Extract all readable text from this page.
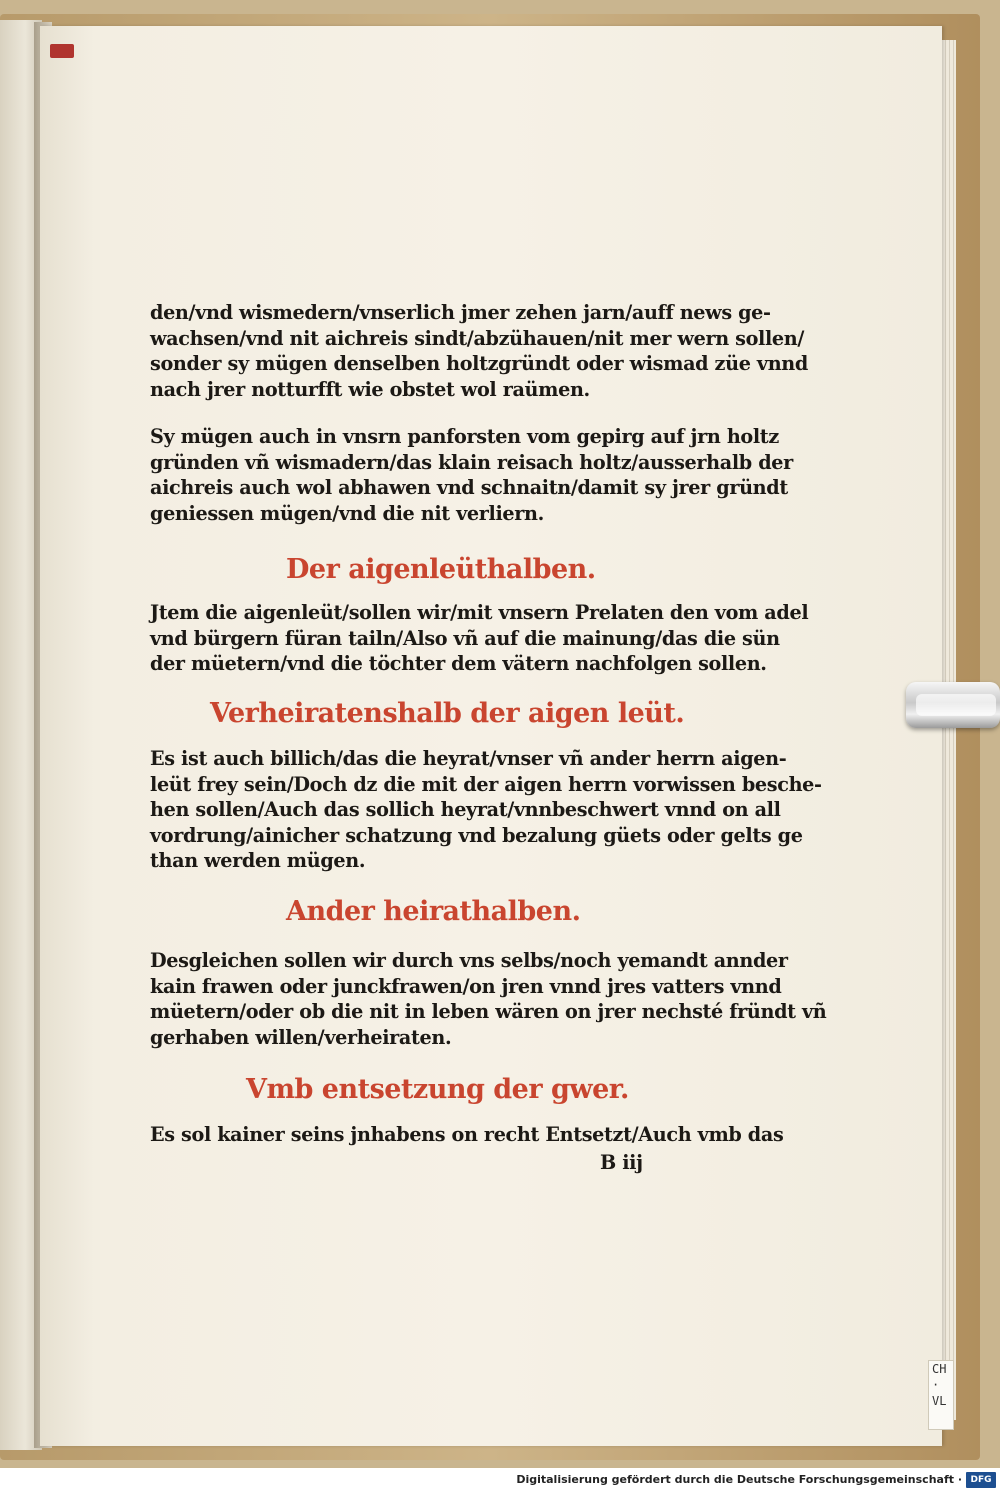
CH
·
VL

den/vnd wismedern/vnserlich jmer zehen jarn/auff news ge-

wachsen/vnd nit aichreis sindt/abzühauen/nit mer wern sollen/

sonder sy mügen denselben holtzgründt oder wismad züe vnnd

nach jrer notturfft wie obstet wol raümen.

Sy mügen auch in vnsrn panforsten vom gepirg auf jrn holtz

gründen vñ wismadern/das klain reisach holtz/ausserhalb der

aichreis auch wol abhawen vnd schnaitn/damit sy jrer gründt

geniessen mügen/vnd die nit verliern.

Der aigenleüthalben.

Jtem die aigenleüt/sollen wir/mit vnsern Prelaten den vom adel

vnd bürgern füran tailn/Also vñ auf die mainung/das die sün

der müetern/vnd die töchter dem vätern nachfolgen sollen.

Verheiratenshalb der aigen leüt.

Es ist auch billich/das die heyrat/vnser vñ ander herrn aigen-

leüt frey sein/Doch dz die mit der aigen herrn vorwissen besche-

hen sollen/Auch das sollich heyrat/vnnbeschwert vnnd on all

vordrung/ainicher schatzung vnd bezalung güets oder gelts ge

than werden mügen.

Ander heirathalben.

Desgleichen sollen wir durch vns selbs/noch yemandt annder

kain frawen oder junckfrawen/on jren vnnd jres vatters vnnd

müetern/oder ob die nit in leben wären on jrer nechsté fründt vñ

gerhaben willen/verheiraten.

Vmb entsetzung der gwer.

Es sol kainer seins jnhabens on recht Entsetzt/Auch vmb das

B iij

Digitalisierung gefördert durch die Deutsche Forschungsgemeinschaft · DFG
